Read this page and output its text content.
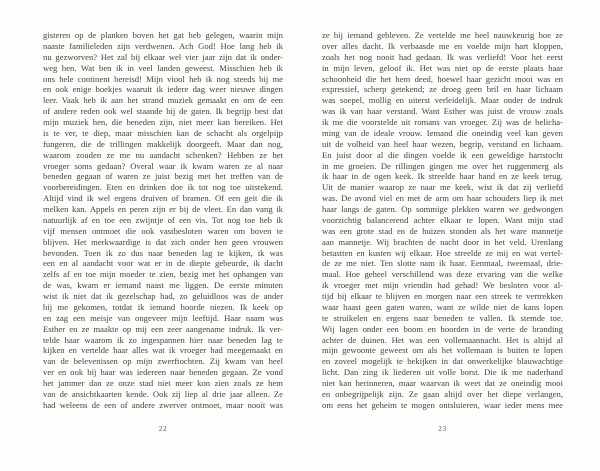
gisteren op de planken boven het gat heb gelegen, waarin mijn
naaste familieleden zijn verdwenen. Ach God! Hoe lang heb ik
nu gezworven? Het zal bij elkaar wel vier jaar zijn dat ik onder-
weg ben. Wat ben ik in veel landen geweest. Misschien heb ik
ons hele continent bereisd! Mijn viool heb ik nog steeds bij me
en ook enige boekjes waaruit ik iedere dag weer nieuwe dingen
leer. Vaak heb ik aan het strand muziek gemaakt en om de een
of andere reden ook wel staande bij de gaten. Ik begrijp best dat
mijn muziek hen, die beneden zijn, niet meer kan bereiken. Het
is te ver, te diep, maar misschien kan de schacht als orgelpijp
fungeren, die de trillingen makkelijk doorgeeft. Maar dan nog,
waarom zouden ze me nu aandacht schenken? Hebben ze het
vroeger soms gedaan? Overal waar ik kwam waren ze al naar
beneden gegaan of waren ze juist bezig met het treffen van de
voorbereidingen. Eten en drinken doe ik tot nog toe uitstekend.
Altijd vind ik wel ergens druiven of bramen. Of een geit die ik
melken kan. Appels en peren zijn er bij de vleet. En dan vang ik
natuurlijk af en toe een zwijntje of een vis. Tot nog toe heb ik
vijf mensen ontmoet die ook vastbesloten waren om boven te
blijven. Het merkwaardige is dat zich onder hen geen vrouwen
bevonden. Toen ik zo dus naar beneden lag te kijken, ik was
een en al aandacht voor wat er in de diepte gebeurde, ik dacht
zelfs af en toe mijn moeder te zien, bezig met het ophangen van
de was, kwam er iemand naast me liggen. De eerste minuten
wist ik niet dat ik gezelschap had, zo geluidloos was de ander
bij me gekomen, totdat ik iemand hoorde niezen. Ik keek op
en zag een meisje van ongeveer mijn leeftijd. Haar naam was
Esther en ze maakte op mij een zeer aangename indruk. Ik ver-
telde haar waarom ik zo ingespannen hier naar beneden lag te
kijken en vertelde haar alles wat ik vroeger had meegemaakt en
van de belevenissen op mijn zwerftochten. Zij kwam van heel
ver en ook bij haar was iedereen naar beneden gegaan. Ze vond
het jammer dan ze onze stad niet meer kon zien zoals ze hem
van de ansichtkaarten kende. Ook zij liep al drie jaar alleen. Ze
had weleens de een of andere zwerver ontmoet, maar nooit was
22
ze bij iemand gebleven. Ze vertelde me heel nauwkeurig hoe ze
over alles dacht. Ik verbaasde me en voelde mijn hart kloppen,
zoals het nog nooit had gedaan. Ik was verliefd! Voor het eerst
in mijn leven, geloof ik. Het was niet op de eerste plaats haar
schoonheid die het hem deed, hoewel haar gezicht mooi was en
expressief, scherp getekend; ze droeg geen bril en haar lichaam
was soepel, mollig en uiterst verleidelijk. Maar onder de indruk
was ik van haar verstand. Want Esther was juist de vrouw zoals
ik me die voorstelde uit romans van vroeger. Zij was de belicha-
ming van de ideale vrouw. Iemand die oneindig veel kan geven
uit de volheid van heel haar wezen, begrip, verstand en lichaam.
En juist door al die dingen voelde ik een geweldige hartstocht
in me groeien. De rillingen gingen me over het ruggenmerg als
ik haar in de ogen keek. Ik streelde haar hand en ze keek terug.
Uit de manier waarop ze naar me keek, wist ik dat zij verliefd
was. De avond viel en met de arm om haar schouders liep ik met
haar langs de gaten. Op sommige plekken waren we gedwongen
voorzichtig balancerend achter elkaar te lopen. Want mijn stad
was een grote stad en de huizen stonden als het ware mannetje
aan mannetje. Wij brachten de nacht door in het veld. Urenlang
betastten en kusten wij elkaar. Hoe streelde ze mij en wat vertel-
de ze me niet. Ten slotte nam ik haar. Eenmaal, tweemaal, drie-
maal. Hoe geheel verschillend was deze ervaring van die welke
ik vroeger met mijn vriendin had gehad! We besloten voor al-
tijd bij elkaar te blijven en morgen naar een streek te vertrekken
waar haast geen gaten waren, want ze wilde niet de kans lopen
te struikelen en ergens naar beneden te vallen. Ik stemde toe.
Wij lagen onder een boom en hoorden in de verte de branding
achter de duinen. Het was een vollemaannacht. Het is altijd al
mijn gewoonte geweest om als het vollemaan is buiten te lopen
en zoveel mogelijk te bekijken in dat onwerkelijke blauwachtige
licht. Dan zing ik liederen uit volle borst. Die ik me naderhand
niet kan herinneren, maar waarvan ik weet dat ze oneindig mooi
en onbegrijpelijk zijn. Ze gaan altijd over het diepe verlangen,
om eens het geheim te mogen ontsluieren, waar ieder mens mee
23
